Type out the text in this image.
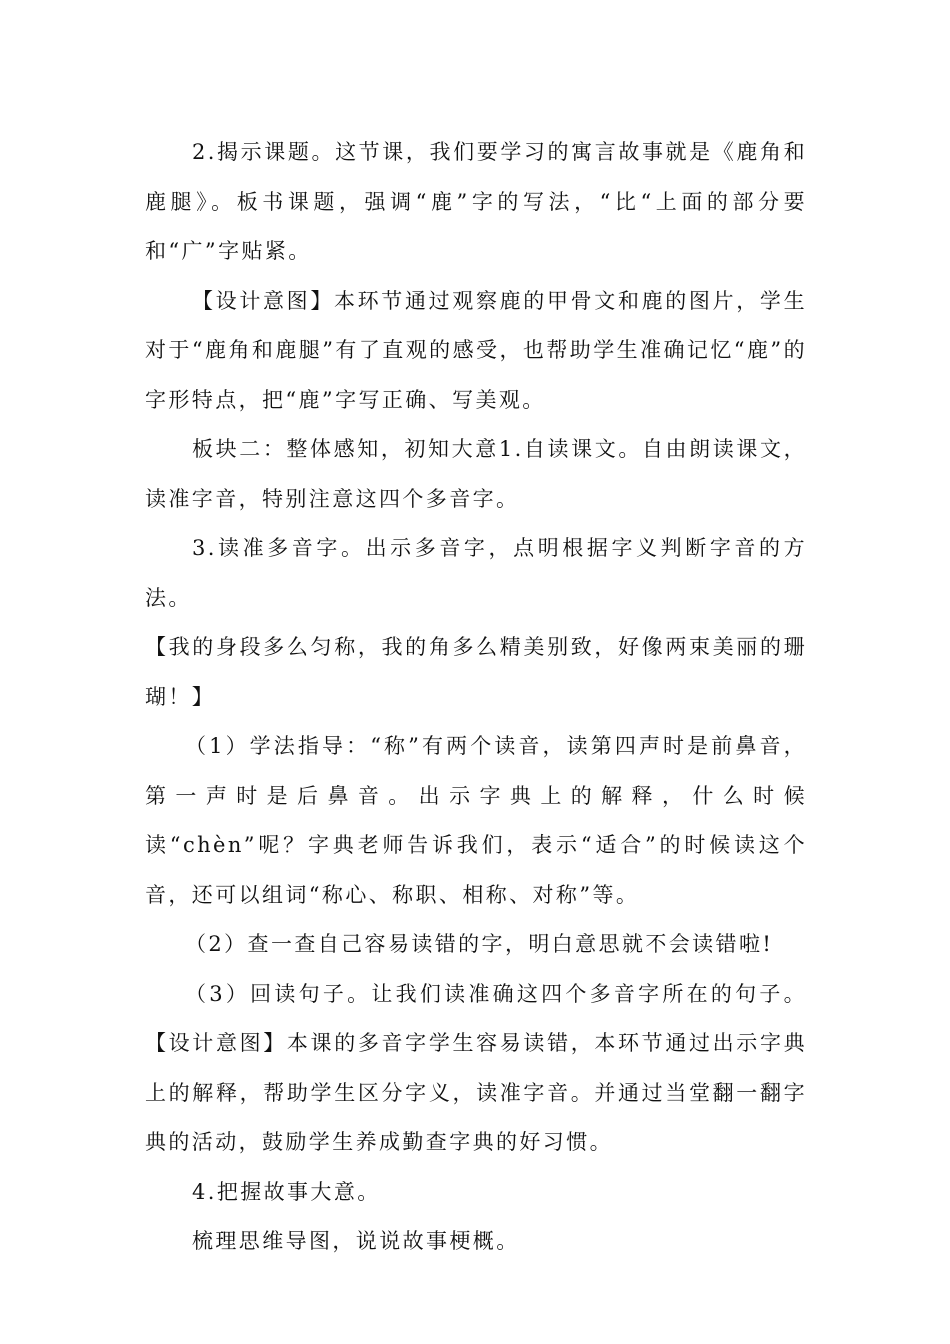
2.揭示课题。这节课，我们要学习的寓言故事就是《鹿角和鹿腿》。板书课题，强调“鹿”字的写法，“比“上面的部分要和“广”字贴紧。

【设计意图】本环节通过观察鹿的甲骨文和鹿的图片，学生对于“鹿角和鹿腿”有了直观的感受，也帮助学生准确记忆“鹿”的字形特点，把“鹿”字写正确、写美观。

板块二：整体感知，初知大意1.自读课文。自由朗读课文，读准字音，特别注意这四个多音字。

3.读准多音字。出示多音字，点明根据字义判断字音的方法。

【我的身段多么匀称，我的角多么精美别致，好像两束美丽的珊瑚！】

（1）学法指导：“称”有两个读音，读第四声时是前鼻音，第一声时是后鼻音。出示字典上的解释，什么时候读“chèn”呢？字典老师告诉我们，表示“适合”的时候读这个音，还可以组词“称心、称职、相称、对称”等。

（2）查一查自己容易读错的字，明白意思就不会读错啦!

（3）回读句子。让我们读准确这四个多音字所在的句子。【设计意图】本课的多音字学生容易读错，本环节通过出示字典上的解释，帮助学生区分字义，读准字音。并通过当堂翻一翻字典的活动，鼓励学生养成勤查字典的好习惯。

4.把握故事大意。

梳理思维导图，说说故事梗概。
